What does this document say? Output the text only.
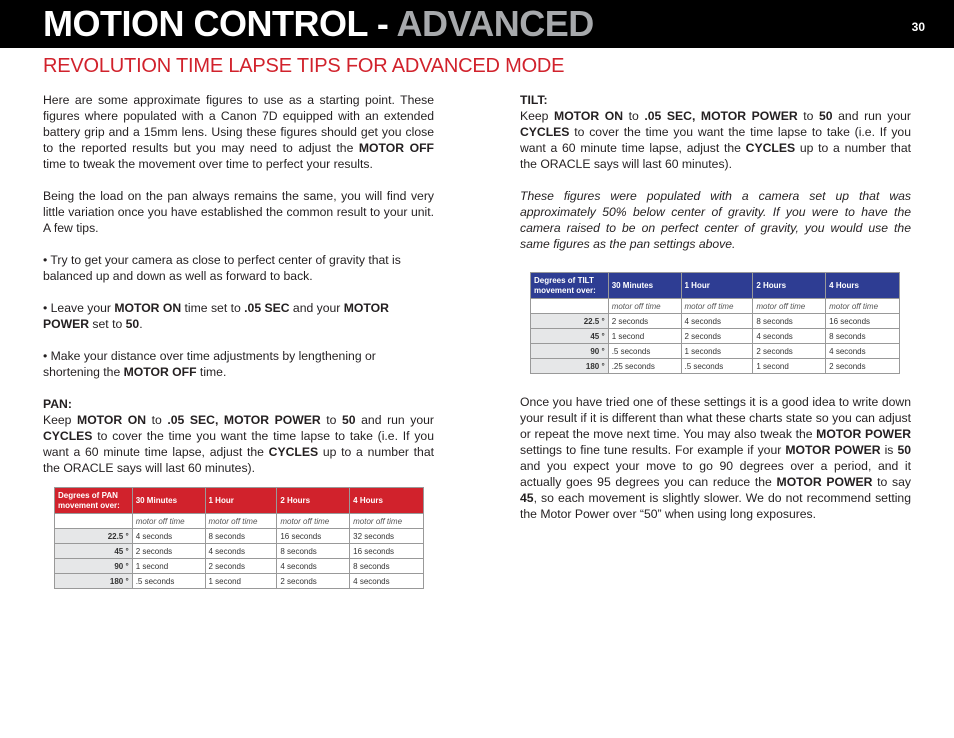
MOTION CONTROL - ADVANCED	30
REVOLUTION TIME LAPSE TIPS FOR ADVANCED MODE

Here are some approximate figures to use as a starting point. These figures where populated with a Canon 7D equipped with an extended battery grip and a 15mm lens. Using these figures should get you close to the reported results but you may need to adjust the MOTOR OFF time to tweak the movement over time to perfect your results.

Being the load on the pan always remains the same, you will find very little variation once you have established the common result to your unit. A few tips.

• Try to get your camera as close to perfect center of gravity that is balanced up and down as well as forward to back.

• Leave your MOTOR ON time set to .05 SEC and your MOTOR POWER set to 50.

• Make your distance over time adjustments by lengthening or shortening the MOTOR OFF time.

PAN:

Keep MOTOR ON to .05 SEC, MOTOR POWER to 50 and run your CYCLES to cover the time you want the time lapse to take (i.e. If you want a 60 minute time lapse, adjust the CYCLES up to a number that the ORACLE says will last 60 minutes).

TILT:

Keep MOTOR ON to .05 SEC, MOTOR POWER to 50 and run your CYCLES to cover the time you want the time lapse to take (i.e. If you want a 60 minute time lapse, adjust the CYCLES up to a number that the ORACLE says will last 60 minutes).

These figures were populated with a camera set up that was approximately 50% below center of gravity. If you were to have the camera raised to be on perfect center of gravity, you would use the same figures as the pan settings above.

Once you have tried one of these settings it is a good idea to write down your result if it is different than what these charts state so you can adjust or repeat the move next time. You may also tweak the MOTOR POWER settings to fine tune results. For example if your MOTOR POWER is 50 and you expect your move to go 90 degrees over a period, and it actually goes 95 degrees you can reduce the MOTOR POWER to say 45, so each movement is slightly slower. We do not recommend setting the Motor Power over “50” when using long exposures.

Degrees of TILT movement over:	30 Minutes	1 Hour	2 Hours	4 Hours
	motor off time	motor off time	motor off time	motor off time
22.5 °	2 seconds	4 seconds	8 seconds	16 seconds
45 °	1 second	2 seconds	4 seconds	8 seconds
90 °	.5 seconds	1 seconds	2 seconds	4 seconds
180 °	.25 seconds	.5 seconds	1 second	2 seconds
Degrees of PAN movement over:	30 Minutes	1 Hour	2 Hours	4 Hours
	motor off time	motor off time	motor off time	motor off time
22.5 °	4 seconds	8 seconds	16 seconds	32 seconds
45 °	2 seconds	4 seconds	8 seconds	16 seconds
90 °	1 second	2 seconds	4 seconds	8 seconds
180 °	.5 seconds	1 second	2 seconds	4 seconds
